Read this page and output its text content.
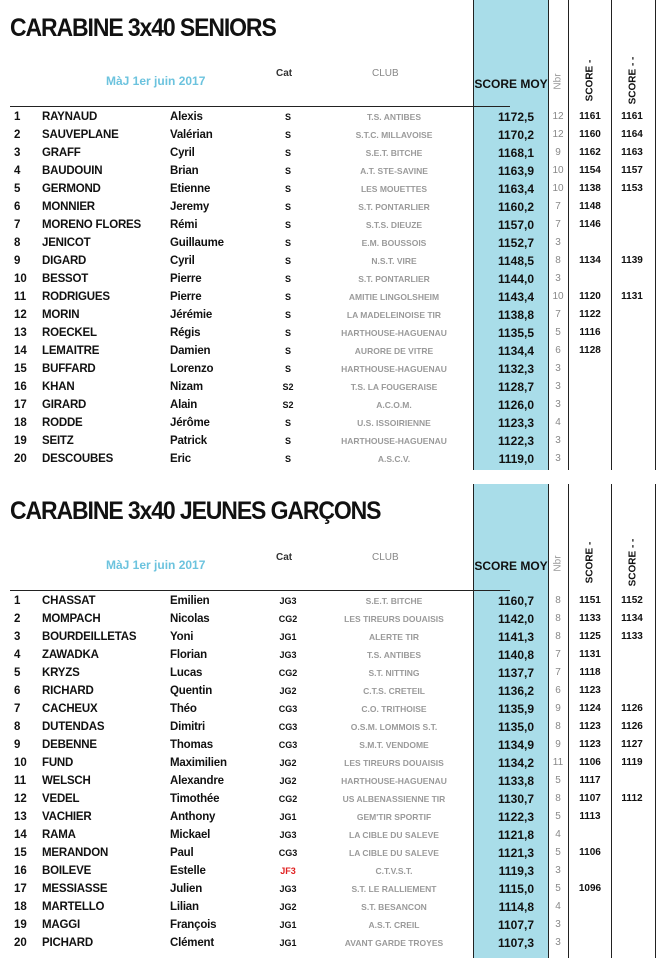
CARABINE 3x40 SENIORS
MàJ 1er juin 2017
Cat	CLUB
SCORE MOY Nbr SCORE -	SCORE - -
1	RAYNAUD	Alexis	S	T.S. ANTIBES	1172,5 12	1161	1161
2	SAUVEPLANE	Valérian	S	S.T.C. MILLAVOISE	1170,2 12	1160	1164
3	GRAFF	Cyril	S	S.E.T. BITCHE	1168,1	9	1162	1163
4	BAUDOUIN	Brian	S	A.T. STE-SAVINE	1163,9 10	1154	1157
5	GERMOND	Etienne	S	LES MOUETTES	1163,4 10	1138	1153
6	MONNIER	Jeremy	S	S.T. PONTARLIER	1160,2	7	1148
7	MORENO FLORES	Rémi	S	S.T.S. DIEUZE	1157,0	7	1146
8	JENICOT	Guillaume	S	E.M. BOUSSOIS	1152,7	3
9	DIGARD	Cyril	S	N.S.T. VIRE	1148,5	8	1134	1139
10	BESSOT	Pierre	S	S.T. PONTARLIER	1144,0	3
11	RODRIGUES	Pierre	S	AMITIE LINGOLSHEIM	1143,4 10	1120	1131
12	MORIN	Jérémie	S	LA MADELEINOISE TIR	1138,8	7	1122
13	ROECKEL	Régis	S	HARTHOUSE-HAGUENAU	1135,5	5	1116
14	LEMAITRE	Damien	S	AURORE DE VITRE	1134,4	6	1128
15	BUFFARD	Lorenzo	S	HARTHOUSE-HAGUENAU	1132,3	3
16	KHAN	Nizam	S2	T.S. LA FOUGERAISE	1128,7	3
17	GIRARD	Alain	S2	A.C.O.M.	1126,0	3
18	RODDE	Jérôme	S	U.S. ISSOIRIENNE	1123,3	4
19	SEITZ	Patrick	S	HARTHOUSE-HAGUENAU	1122,3	3
20	DESCOUBES	Eric	S	A.S.C.V.	1119,0	3
CARABINE 3x40 JEUNES GARÇONS
MàJ 1er juin 2017
Cat	CLUB
SCORE MOY Nbr SCORE -	SCORE - -
1	CHASSAT	Emilien	JG3	S.E.T. BITCHE	1160,7	8	1151	1152
2	MOMPACH	Nicolas	CG2	LES TIREURS DOUAISIS	1142,0	8	1133	1134
3	BOURDEILLETAS	Yoni	JG1	ALERTE TIR	1141,3	8	1125	1133
4	ZAWADKA	Florian	JG3	T.S. ANTIBES	1140,8	7	1131
5	KRYZS	Lucas	CG2	S.T. NITTING	1137,7	7	1118
6	RICHARD	Quentin	JG2	C.T.S. CRETEIL	1136,2	6	1123
7	CACHEUX	Théo	CG3	C.O. TRITHOISE	1135,9	9	1124	1126
8	DUTENDAS	Dimitri	CG3	O.S.M. LOMMOIS S.T.	1135,0	8	1123	1126
9	DEBENNE	Thomas	CG3	S.M.T. VENDOME	1134,9	9	1123	1127
10	FUND	Maximilien	JG2	LES TIREURS DOUAISIS	1134,2 11	1106	1119
11	WELSCH	Alexandre	JG2	HARTHOUSE-HAGUENAU	1133,8	5	1117
12	VEDEL	Timothée	CG2	US ALBENASSIENNE TIR	1130,7	8	1107	1112
13	VACHIER	Anthony	JG1	GEM'TIR SPORTIF	1122,3	5	1113
14	RAMA	Mickael	JG3	LA CIBLE DU SALEVE	1121,8	4
15	MERANDON	Paul	CG3	LA CIBLE DU SALEVE	1121,3	5	1106
16	BOILEVE	Estelle	JF3	C.T.V.S.T.	1119,3	3
17	MESSIASSE	Julien	JG3	S.T. LE RALLIEMENT	1115,0	5	1096
18	MARTELLO	Lilian	JG2	S.T. BESANCON	1114,8	4
19	MAGGI	François	JG1	A.S.T. CREIL	1107,7	3
20	PICHARD	Clément	JG1	AVANT GARDE TROYES	1107,3	3
